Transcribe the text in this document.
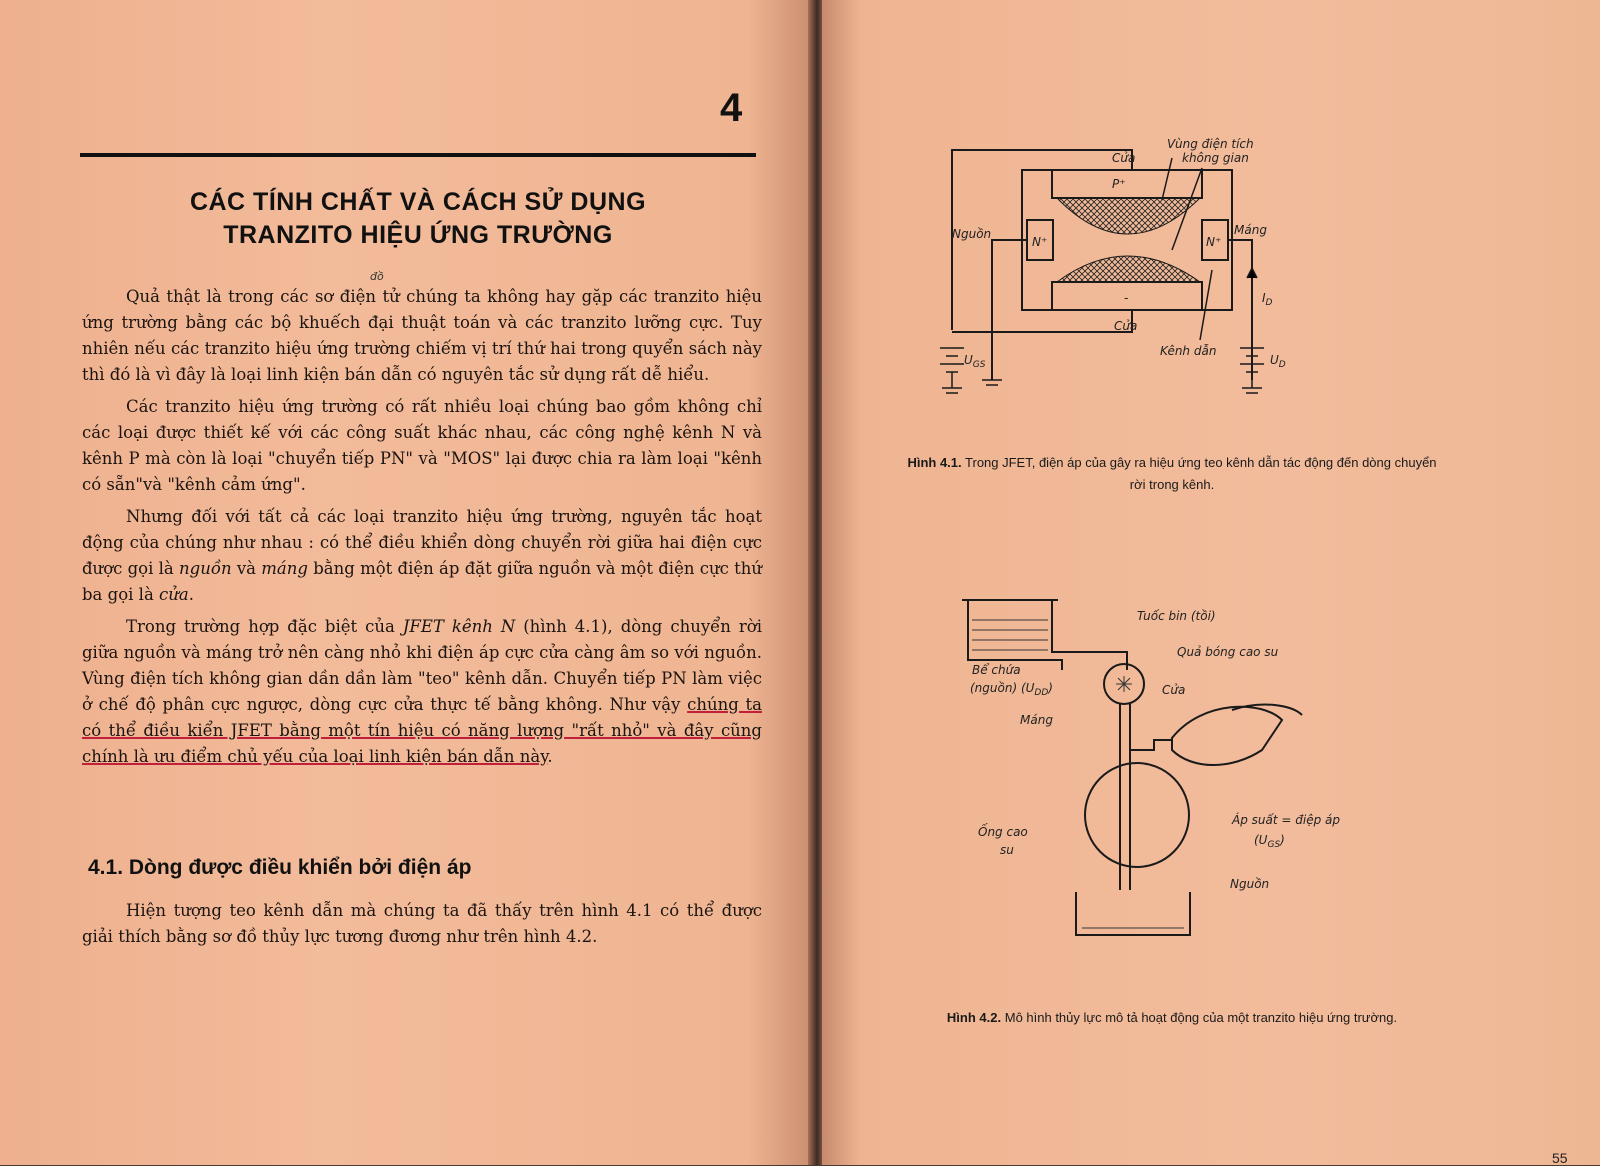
4
CÁC TÍNH CHẤT VÀ CÁCH SỬ DỤNG
TRANZITO HIỆU ỨNG TRƯỜNG
đồ

Quả thật là trong các sơ điện tử chúng ta không hay gặp các tranzito hiệu ứng trường bằng các bộ khuếch đại thuật toán và các tranzito lưỡng cực. Tuy nhiên nếu các tranzito hiệu ứng trường chiếm vị trí thứ hai trong quyển sách này thì đó là vì đây là loại linh kiện bán dẫn có nguyên tắc sử dụng rất dễ hiểu.

Các tranzito hiệu ứng trường có rất nhiều loại chúng bao gồm không chỉ các loại được thiết kế với các công suất khác nhau, các công nghệ kênh N và kênh P mà còn là loại "chuyển tiếp PN" và "MOS" lại được chia ra làm loại "kênh có sẵn"và "kênh cảm ứng".

Nhưng đối với tất cả các loại tranzito hiệu ứng trường, nguyên tắc hoạt động của chúng như nhau : có thể điều khiển dòng chuyển rời giữa hai điện cực được gọi là nguồn và máng bằng một điện áp đặt giữa nguồn và một điện cực thứ ba gọi là cửa.

Trong trường hợp đặc biệt của JFET kênh N (hình 4.1), dòng chuyển rời giữa nguồn và máng trở nên càng nhỏ khi điện áp cực cửa càng âm so với nguồn. Vùng điện tích không gian dần dần làm "teo" kênh dẫn. Chuyển tiếp PN làm việc ở chế độ phân cực ngược, dòng cực cửa thực tế bằng không. Như vậy chúng ta có thể điều kiển JFET bằng một tín hiệu có năng lượng "rất nhỏ" và đây cũng chính là ưu điểm chủ yếu của loại linh kiện bán dẫn này.

4.1. Dòng được điều khiển bởi điện áp

Hiện tượng teo kênh dẫn mà chúng ta đã thấy trên hình 4.1 có thể được giải thích bằng sơ đồ thủy lực tương đương như trên hình 4.2.

Vùng điện tích
không gian
Cửa
P⁺
Nguồn
N⁺	N⁺
Máng
-
Cửa
Kênh dẫn
$I_D$
$U_{GS}$	$U_D$
Hình 4.1. Trong JFET, điện áp của gây ra hiệu ứng teo kênh dẫn tác động đến dòng chuyển rời trong kênh.
Tuốc bin (tồi)
Quả bóng cao su
Bể chứa
(nguồn) $(U_{DD})$	Cửa
Máng
Áp suất = điệp áp
$(U_{GS})$
Ống cao
su
Nguồn
Hình 4.2. Mô hình thủy lực mô tả hoạt động của một tranzito hiệu ứng trường.
55
